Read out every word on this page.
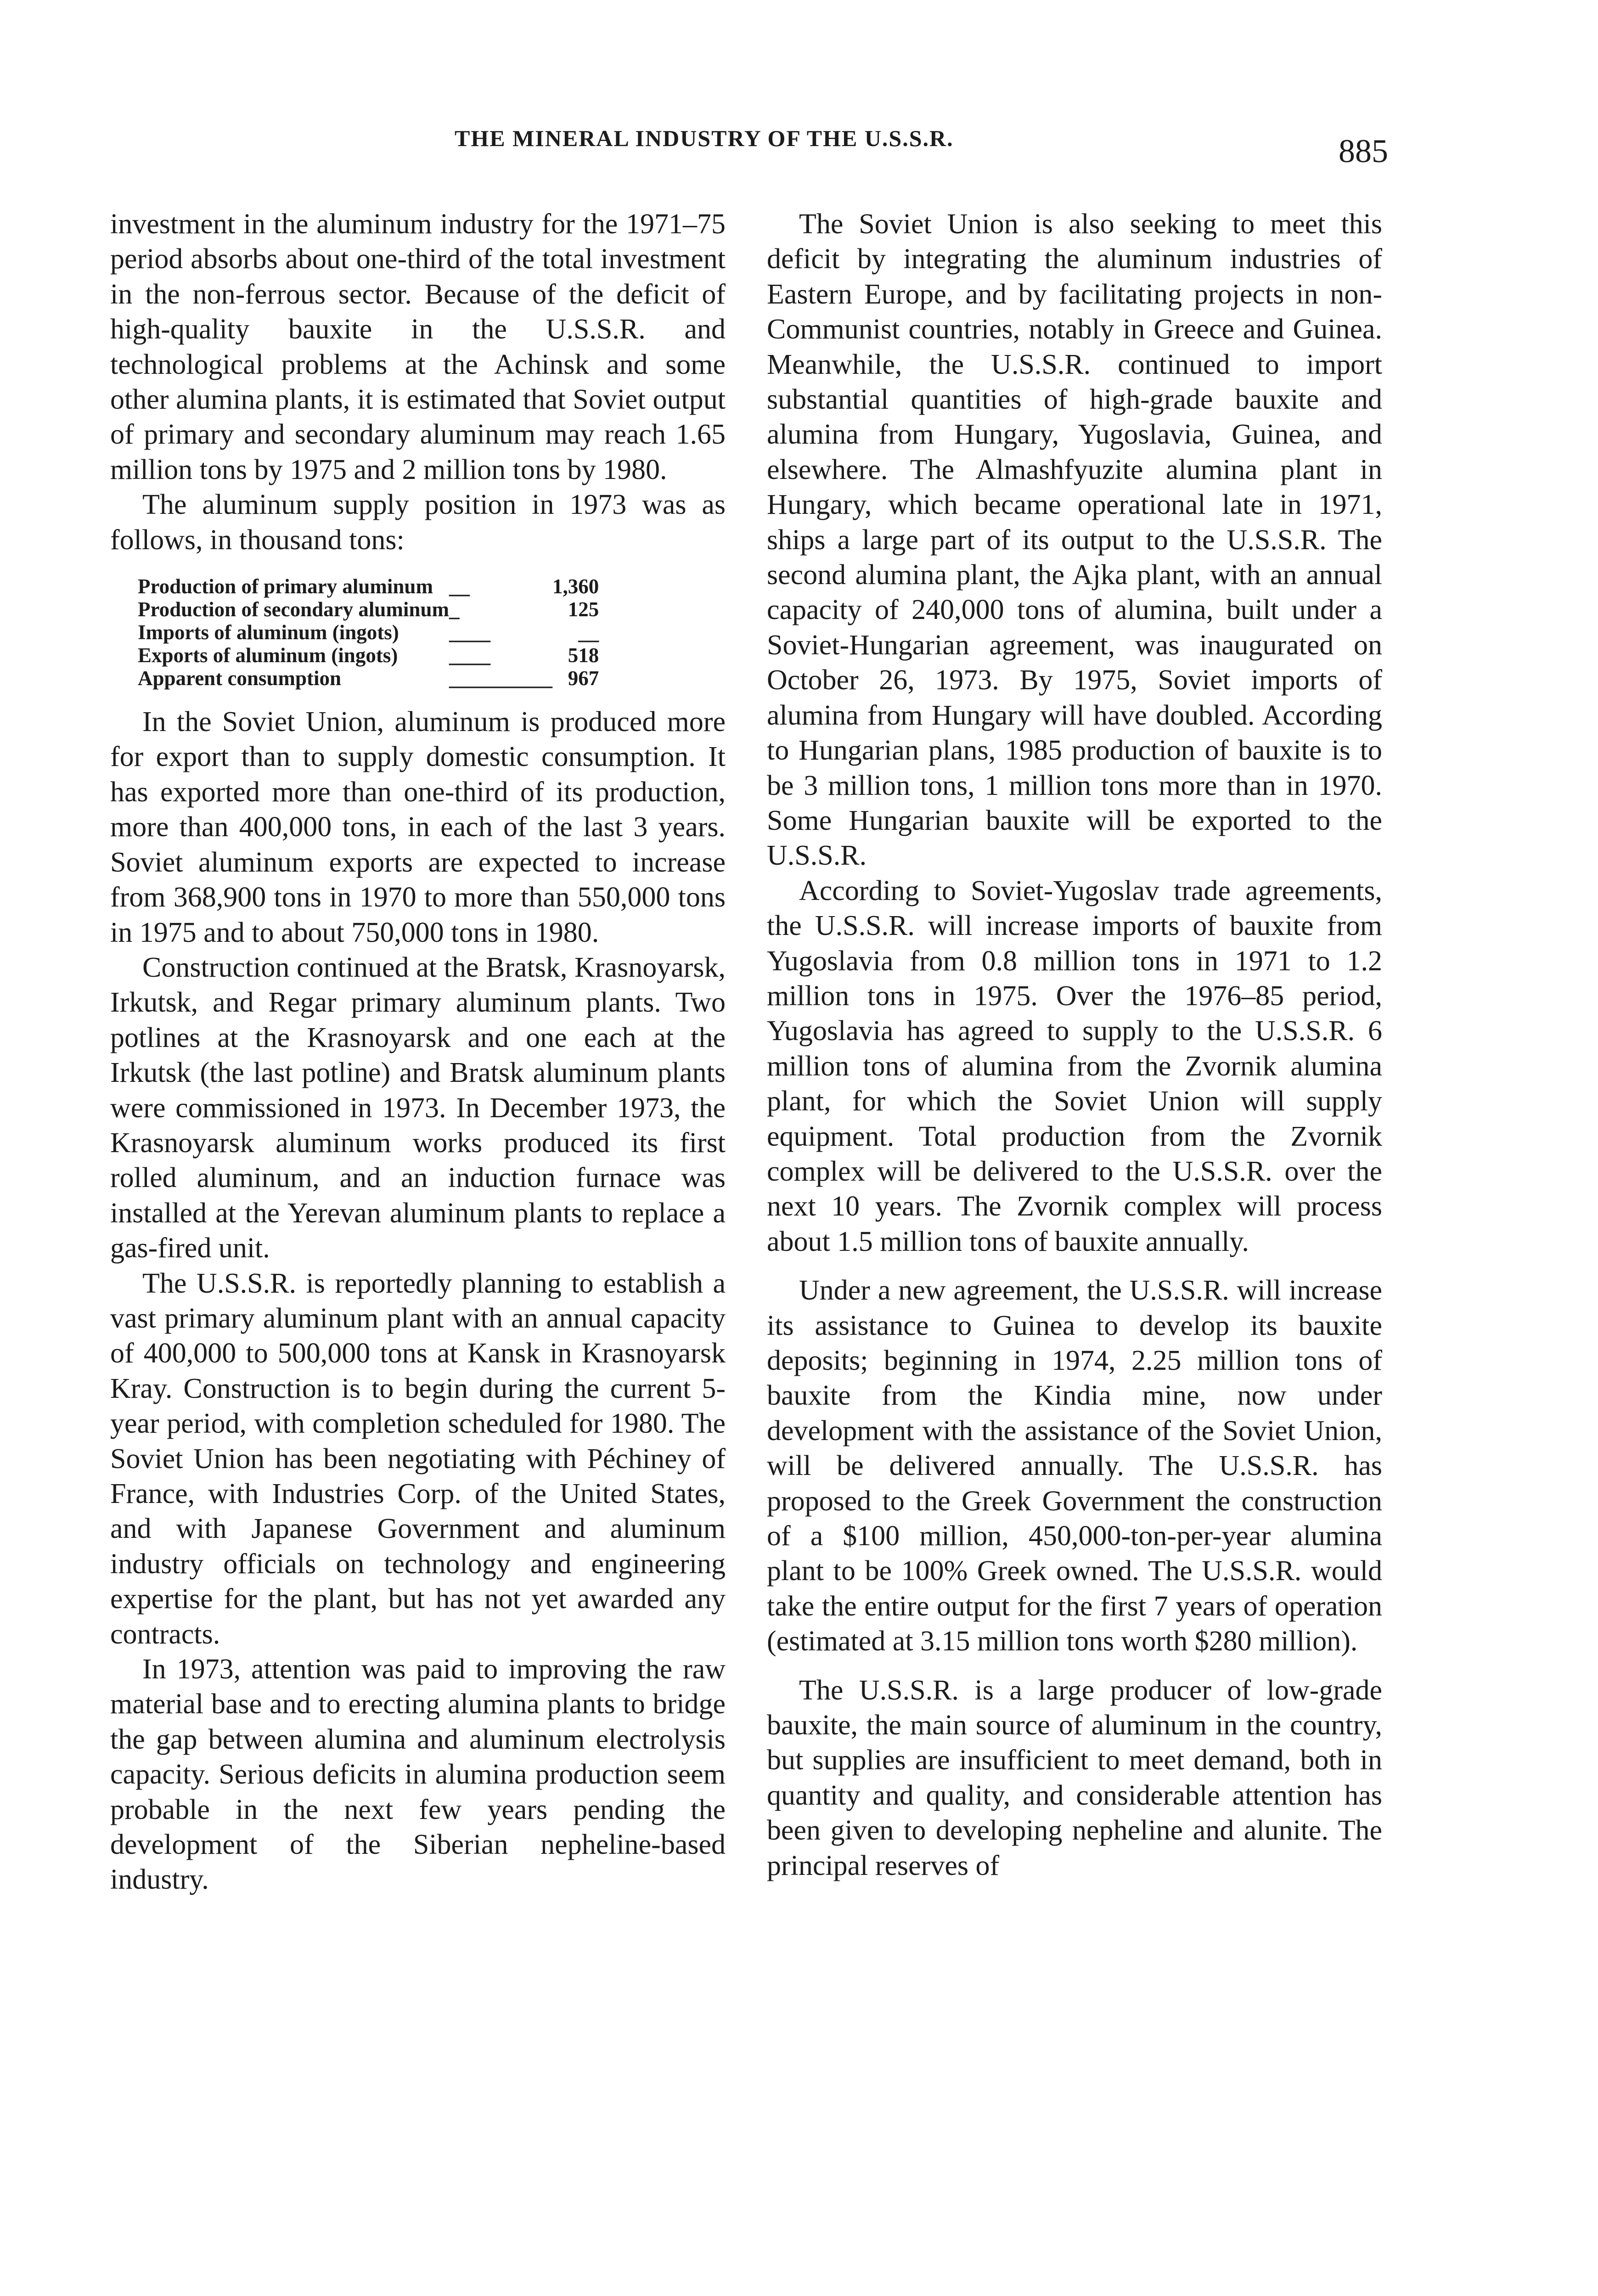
THE MINERAL INDUSTRY OF THE U.S.S.R.	885

investment in the aluminum industry for the 1971–75 period absorbs about one-third of the total investment in the non-ferrous sector. Because of the deficit of high-quality bauxite in the U.S.S.R. and technological problems at the Achinsk and some other alumina plants, it is estimated that Soviet output of primary and secondary aluminum may reach 1.65 million tons by 1975 and 2 million tons by 1980.

The aluminum supply position in 1973 was as follows, in thousand tons:

Production of primary aluminum	__	1,360
Production of secondary aluminum	_	125
Imports of aluminum (ingots)	____	__
Exports of aluminum (ingots)	____	518
Apparent consumption	__________	967

In the Soviet Union, aluminum is produced more for export than to supply domestic consumption. It has exported more than one-third of its production, more than 400,000 tons, in each of the last 3 years. Soviet aluminum exports are expected to increase from 368,900 tons in 1970 to more than 550,000 tons in 1975 and to about 750,000 tons in 1980.

Construction continued at the Bratsk, Krasnoyarsk, Irkutsk, and Regar primary aluminum plants. Two potlines at the Krasnoyarsk and one each at the Irkutsk (the last potline) and Bratsk aluminum plants were commissioned in 1973. In December 1973, the Krasnoyarsk aluminum works produced its first rolled aluminum, and an induction furnace was installed at the Yerevan aluminum plants to replace a gas-fired unit.

The U.S.S.R. is reportedly planning to establish a vast primary aluminum plant with an annual capacity of 400,000 to 500,000 tons at Kansk in Krasnoyarsk Kray. Construction is to begin during the current 5-year period, with completion scheduled for 1980. The Soviet Union has been negotiating with Péchiney of France, with Industries Corp. of the United States, and with Japanese Government and aluminum industry officials on technology and engineering expertise for the plant, but has not yet awarded any contracts.

In 1973, attention was paid to improving the raw material base and to erecting alumina plants to bridge the gap between alumina and aluminum electrolysis capacity. Serious deficits in alumina production seem probable in the next few years pending the development of the Siberian nepheline-based industry.

The Soviet Union is also seeking to meet this deficit by integrating the aluminum industries of Eastern Europe, and by facilitating projects in non-Communist countries, notably in Greece and Guinea. Meanwhile, the U.S.S.R. continued to import substantial quantities of high-grade bauxite and alumina from Hungary, Yugoslavia, Guinea, and elsewhere. The Almashfyuzite alumina plant in Hungary, which became operational late in 1971, ships a large part of its output to the U.S.S.R. The second alumina plant, the Ajka plant, with an annual capacity of 240,000 tons of alumina, built under a Soviet-Hungarian agreement, was inaugurated on October 26, 1973. By 1975, Soviet imports of alumina from Hungary will have doubled. According to Hungarian plans, 1985 production of bauxite is to be 3 million tons, 1 million tons more than in 1970. Some Hungarian bauxite will be exported to the U.S.S.R.

According to Soviet-Yugoslav trade agreements, the U.S.S.R. will increase imports of bauxite from Yugoslavia from 0.8 million tons in 1971 to 1.2 million tons in 1975. Over the 1976–85 period, Yugoslavia has agreed to supply to the U.S.S.R. 6 million tons of alumina from the Zvornik alumina plant, for which the Soviet Union will supply equipment. Total production from the Zvornik complex will be delivered to the U.S.S.R. over the next 10 years. The Zvornik complex will process about 1.5 million tons of bauxite annually.

Under a new agreement, the U.S.S.R. will increase its assistance to Guinea to develop its bauxite deposits; beginning in 1974, 2.25 million tons of bauxite from the Kindia mine, now under development with the assistance of the Soviet Union, will be delivered annually. The U.S.S.R. has proposed to the Greek Government the construction of a $100 million, 450,000-ton-per-year alumina plant to be 100% Greek owned. The U.S.S.R. would take the entire output for the first 7 years of operation (estimated at 3.15 million tons worth $280 million).

The U.S.S.R. is a large producer of low-grade bauxite, the main source of aluminum in the country, but supplies are insufficient to meet demand, both in quantity and quality, and considerable attention has been given to developing nepheline and alunite. The principal reserves of
